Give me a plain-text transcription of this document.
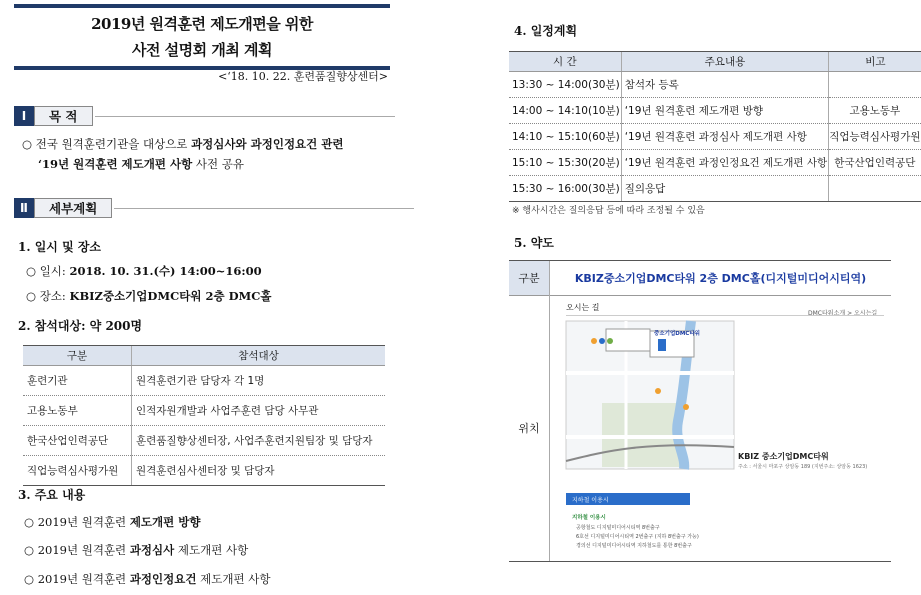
2019년 원격훈련 제도개편을 위한
사전 설명회 개최 계획
<‘18. 10. 22. 훈련품질향상센터>
Ⅰ	목 적
○ 전국 원격훈련기관을 대상으로 과정심사와 과정인정요건 관련
‘19년 원격훈련 제도개편 사항 사전 공유
Ⅱ	세부계획
1. 일시 및 장소
○ 일시: 2018. 10. 31.(수) 14:00~16:00
○ 장소: KBIZ중소기업DMC타워 2층 DMC홀
2. 참석대상: 약 200명
구분	참석대상
훈련기관	원격훈련기관 담당자 각 1명
고용노동부	인적자원개발과 사업주훈련 담당 사무관
한국산업인력공단	훈련품질향상센터장, 사업주훈련지원팀장 및 담당자
직업능력심사평가원	원격훈련심사센터장 및 담당자
3. 주요 내용
○ 2019년 원격훈련 제도개편 방향
○ 2019년 원격훈련 과정심사 제도개편 사항
○ 2019년 원격훈련 과정인정요건 제도개편 사항
4. 일정계획
시 간	주요내용	비고
13:30 ~ 14:00(30분)	참석자 등록	
14:00 ~ 14:10(10분)	‘19년 원격훈련 제도개편 방향	고용노동부
14:10 ~ 15:10(60분)	‘19년 원격훈련 과정심사 제도개편 사항	직업능력심사평가원
15:10 ~ 15:30(20분)	‘19년 원격훈련 과정인정요건 제도개편 사항	한국산업인력공단
15:30 ~ 16:00(30분)	질의응답	
※ 행사시간은 질의응답 등에 따라 조정될 수 있음
5. 약도
구분	KBIZ중소기업DMC타워 2층 DMC홀(디지털미디어시티역)
위치
오시는 길
DMC타워소개 > 오시는길
중소기업DMC타워
KBIZ 중소기업DMC타워
주소 : 서울시 마포구 상암동 189 (지번주소: 상암동 1623)
지하철 이용시
지하철 이용시
공항철도 디지털미디어시티역 8번출구
6호선 디지털미디어시티역 2번출구 (지하 8번출구 가능)
경의선 디지털미디어시티역 지하철도를 통한 8번출구
